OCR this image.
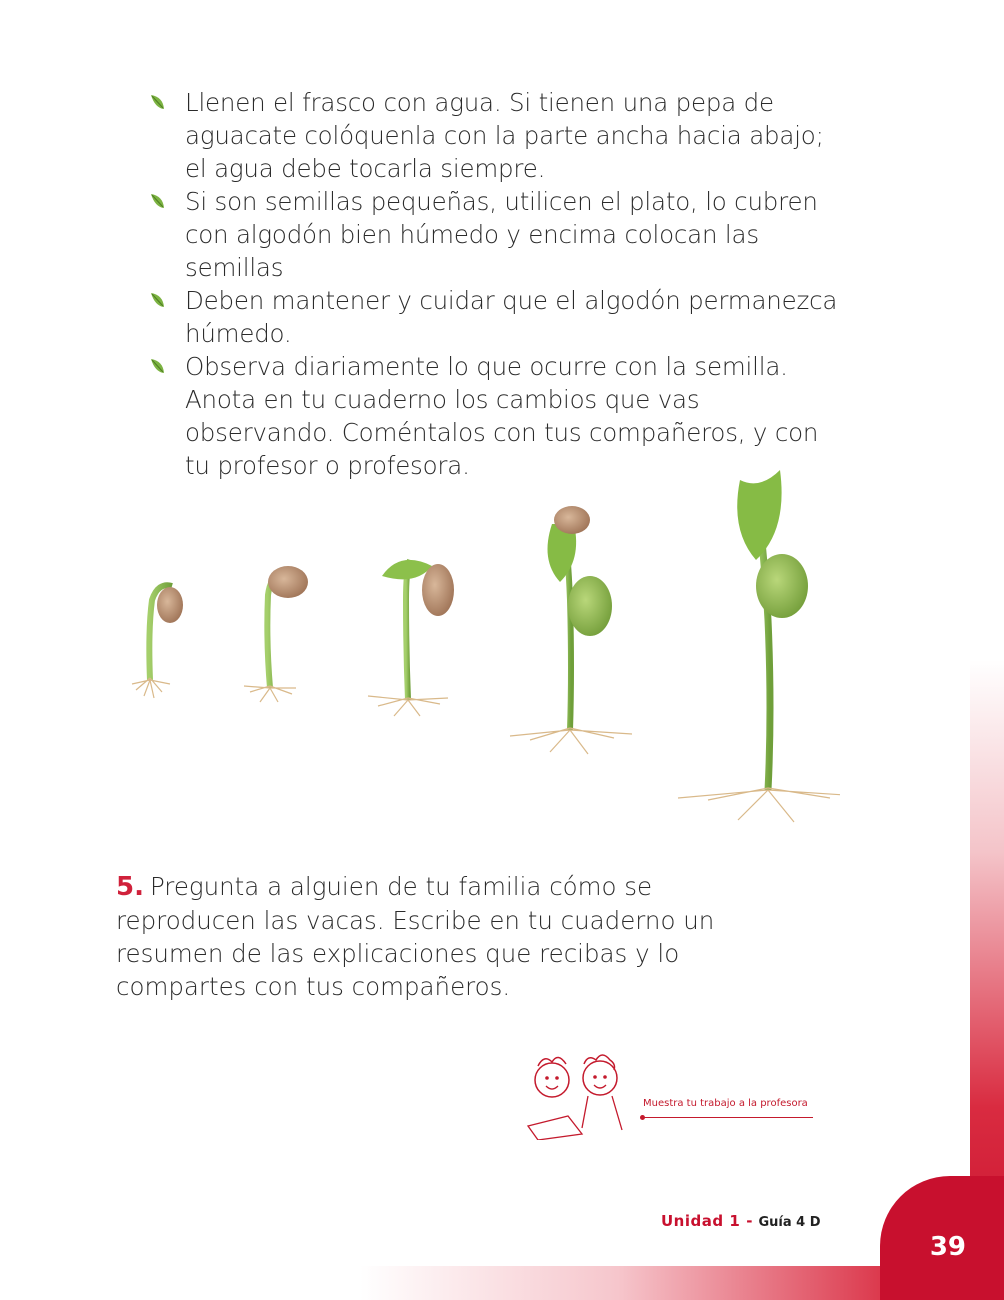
Llenen el frasco con agua. Si tienen una pepa de aguacate colóquenla con la parte ancha hacia abajo; el agua debe tocarla siempre.
Si son semillas pequeñas, utilicen el plato, lo cubren con algodón bien húmedo y encima colocan las semillas
Deben mantener y cuidar que el algodón permanezca húmedo.
Observa diariamente lo que ocurre con la semilla. Anota en tu cuaderno los cambios que vas observando. Coméntalos con tus compañeros, y con tu profesor o profesora.
5. Pregunta a alguien de tu familia cómo se reproducen las vacas. Escribe en tu cuaderno un resumen de las explicaciones que recibas y lo compartes con tus compañeros.
Muestra tu trabajo a la profesora
39
Unidad 1 - Guía 4 D
